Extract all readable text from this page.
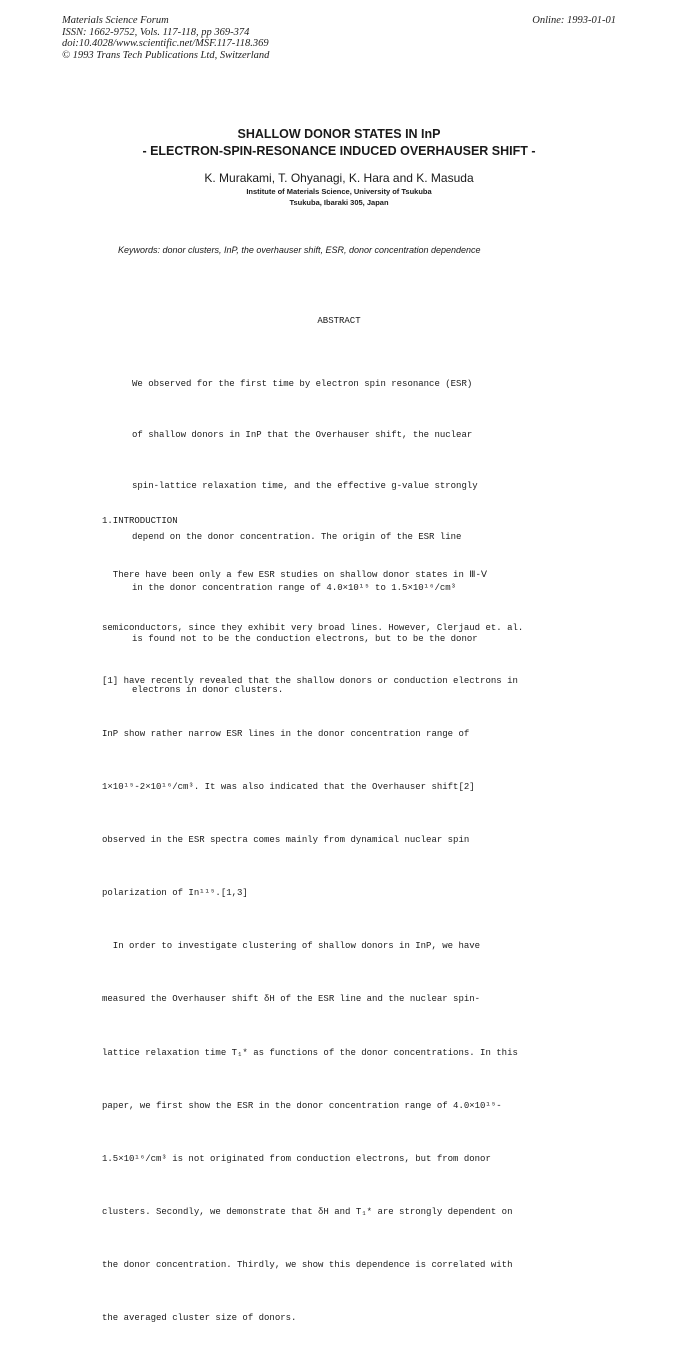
Materials Science Forum
ISSN: 1662-9752, Vols. 117-118, pp 369-374
doi:10.4028/www.scientific.net/MSF.117-118.369
© 1993 Trans Tech Publications Ltd, Switzerland
Online: 1993-01-01
SHALLOW DONOR STATES IN InP
- ELECTRON-SPIN-RESONANCE INDUCED OVERHAUSER SHIFT -
K. Murakami, T. Ohyanagi, K. Hara and K. Masuda
Institute of Materials Science, University of Tsukuba
Tsukuba, Ibaraki 305, Japan
Keywords: donor clusters, InP, the overhauser shift, ESR, donor concentration dependence
ABSTRACT

We observed for the first time by electron spin resonance (ESR)

of shallow donors in InP that the Overhauser shift, the nuclear

spin-lattice relaxation time, and the effective g-value strongly

depend on the donor concentration. The origin of the ESR line

in the donor concentration range of 4.0×10¹⁵ to 1.5×10¹⁶/cm³

is found not to be the conduction electrons, but to be the donor

electrons in donor clusters.

1.INTRODUCTION

There have been only a few ESR studies on shallow donor states in Ⅲ-Ⅴ

semiconductors, since they exhibit very broad lines. However, Clerjaud et. al.

[1] have recently revealed that the shallow donors or conduction electrons in

InP show rather narrow ESR lines in the donor concentration range of

1×10¹⁵-2×10¹⁶/cm³. It was also indicated that the Overhauser shift[2]

observed in the ESR spectra comes mainly from dynamical nuclear spin

polarization of In¹¹⁵.[1,3]

In order to investigate clustering of shallow donors in InP, we have

measured the Overhauser shift δH of the ESR line and the nuclear spin-

lattice relaxation time T₁* as functions of the donor concentrations. In this

paper, we first show the ESR in the donor concentration range of 4.0×10¹⁵-

1.5×10¹⁶/cm³ is not originated from conduction electrons, but from donor

clusters. Secondly, we demonstrate that δH and T₁* are strongly dependent on

the donor concentration. Thirdly, we show this dependence is correlated with

the averaged cluster size of donors.
